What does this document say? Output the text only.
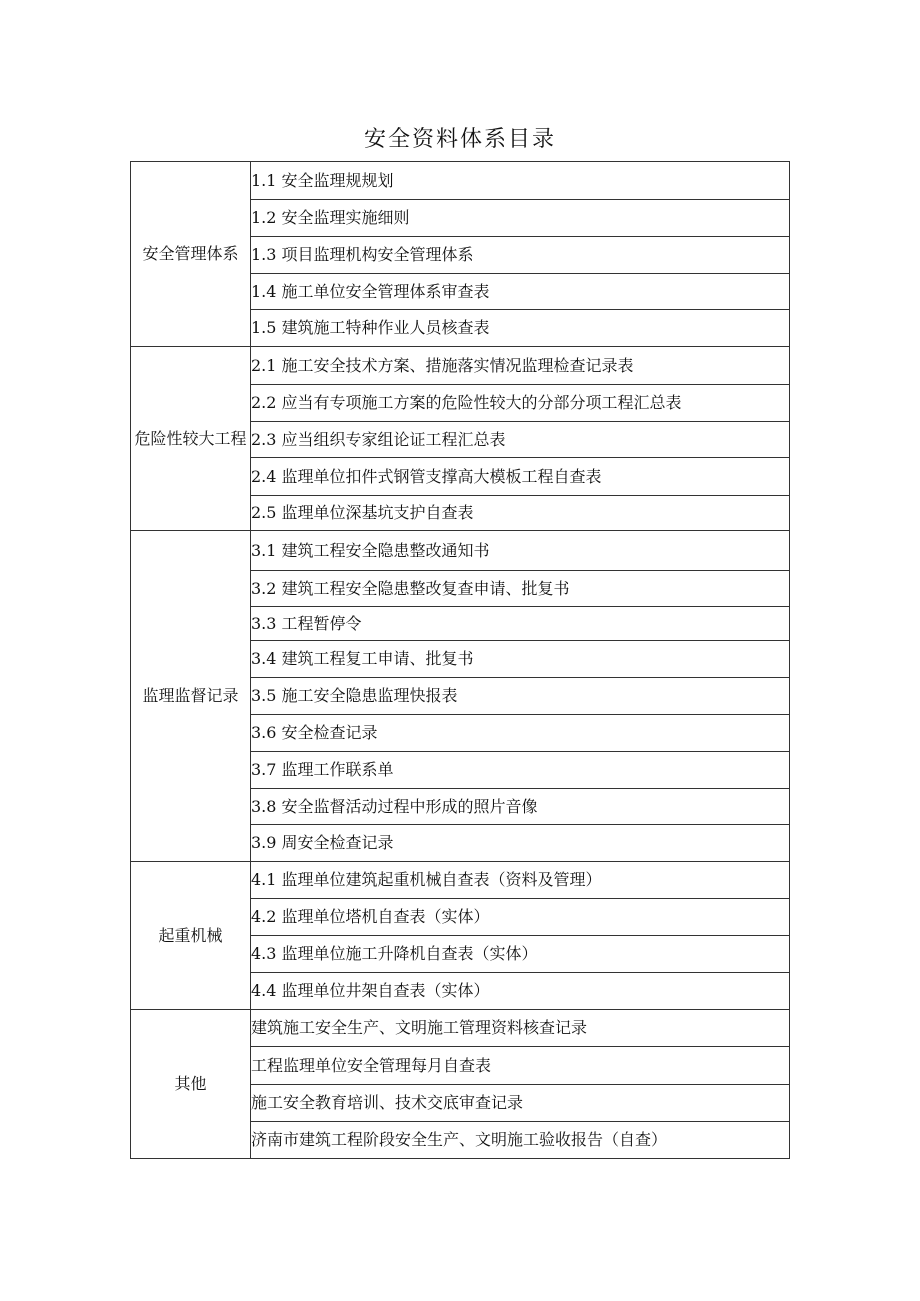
安全资料体系目录
安全管理体系	1.1 安全监理规规划
	1.2 安全监理实施细则
	1.3 项目监理机构安全管理体系
	1.4 施工单位安全管理体系审查表
	1.5 建筑施工特种作业人员核查表
危险性较大工程	2.1 施工安全技术方案、措施落实情况监理检查记录表
	2.2 应当有专项施工方案的危险性较大的分部分项工程汇总表
	2.3 应当组织专家组论证工程汇总表
	2.4 监理单位扣件式钢管支撑高大模板工程自查表
	2.5 监理单位深基坑支护自查表
监理监督记录	3.1 建筑工程安全隐患整改通知书
	3.2 建筑工程安全隐患整改复查申请、批复书
	3.3 工程暂停令
	3.4 建筑工程复工申请、批复书
	3.5 施工安全隐患监理快报表
	3.6 安全检查记录
	3.7 监理工作联系单
	3.8 安全监督活动过程中形成的照片音像
	3.9 周安全检查记录
起重机械	4.1 监理单位建筑起重机械自查表（资料及管理）
	4.2 监理单位塔机自查表（实体）
	4.3 监理单位施工升降机自查表（实体）
	4.4 监理单位井架自查表（实体）
其他	建筑施工安全生产、文明施工管理资料核查记录
	工程监理单位安全管理每月自查表
	施工安全教育培训、技术交底审查记录
	济南市建筑工程阶段安全生产、文明施工验收报告（自查）
